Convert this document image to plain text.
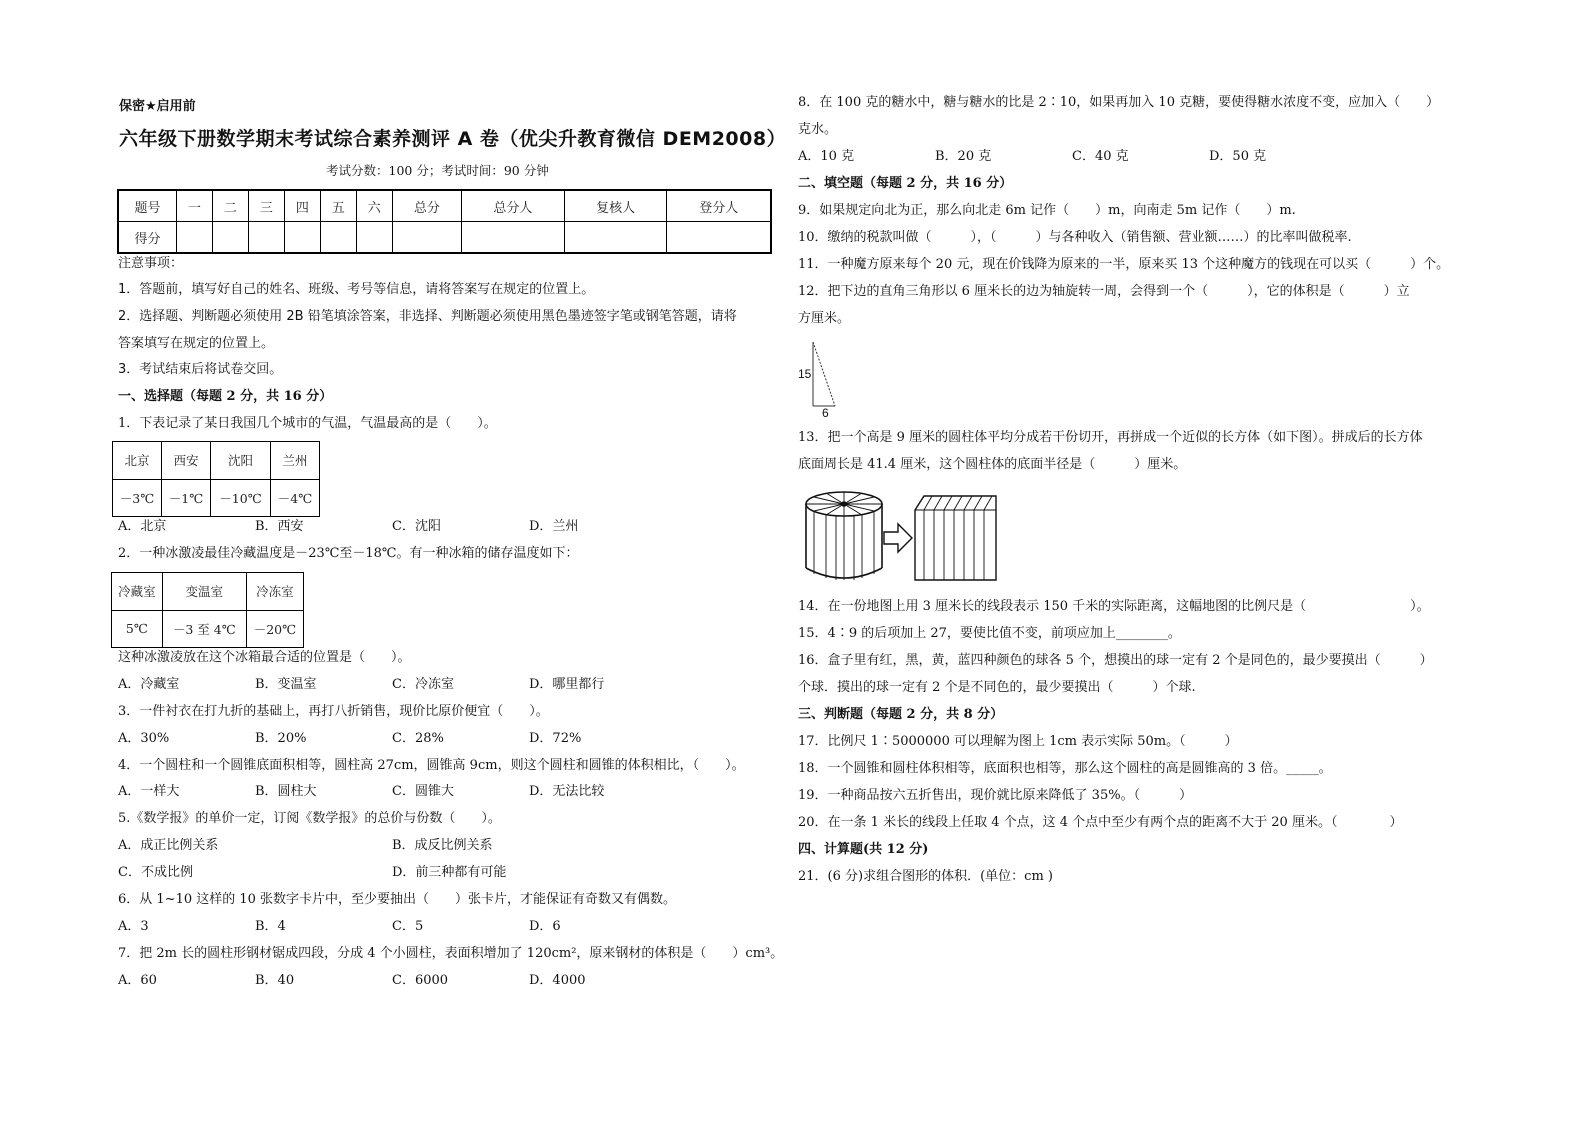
保密★启用前
六年级下册数学期末考试综合素养测评 A 卷（优尖升教育微信 DEM2008）
考试分数：100 分；考试时间：90 分钟
题号	一	二	三	四	五	六	总分	总分人	复核人	登分人
得分										
注意事项：
1．答题前，填写好自己的姓名、班级、考号等信息，请将答案写在规定的位置上。
2．选择题、判断题必须使用 2B 铅笔填涂答案，非选择、判断题必须使用黑色墨迹签字笔或钢笔答题，请将
答案填写在规定的位置上。
3．考试结束后将试卷交回。
一、选择题（每题 2 分，共 16 分）
1．下表记录了某日我国几个城市的气温，气温最高的是（　　）。
北京	西安	沈阳	兰州
－3℃	－1℃	－10℃	－4℃
A．北京	B．西安	C．沈阳	D．兰州
2．一种冰激凌最佳冷藏温度是－23℃至－18℃。有一种冰箱的储存温度如下：
冷藏室	变温室	冷冻室
5℃	－3 至 4℃	－20℃
这种冰激凌放在这个冰箱最合适的位置是（　　）。
A．冷藏室	B．变温室	C．冷冻室	D．哪里都行
3．一件衬衣在打九折的基础上，再打八折销售，现价比原价便宜（　　）。
A．30%	B．20%	C．28%	D．72%
4．一个圆柱和一个圆锥底面积相等，圆柱高 27cm，圆锥高 9cm，则这个圆柱和圆锥的体积相比，（　　）。
A．一样大	B．圆柱大	C．圆锥大	D．无法比较
5.《数学报》的单价一定，订阅《数学报》的总价与份数（　　）。
A．成正比例关系	B．成反比例关系
C．不成比例	D．前三种都有可能
6．从 1~10 这样的 10 张数字卡片中，至少要抽出（　　）张卡片，才能保证有奇数又有偶数。
A．3	B．4	C．5	D．6
7．把 2m 长的圆柱形钢材锯成四段，分成 4 个小圆柱，表面积增加了 120cm²，原来钢材的体积是（　　）cm³。
A．60	B．40	C．6000	D．4000
8．在 100 克的糖水中，糖与糖水的比是 2∶10，如果再加入 10 克糖，要使得糖水浓度不变，应加入（　　）
克水。
A．10 克	B．20 克	C．40 克	D．50 克
二、填空题（每题 2 分，共 16 分）
9．如果规定向北为正，那么向北走 6m 记作（　　）m，向南走 5m 记作（　　）m.
10．缴纳的税款叫做（　　　），（　　　）与各种收入（销售额、营业额……）的比率叫做税率.
11．一种魔方原来每个 20 元，现在价钱降为原来的一半，原来买 13 个这种魔方的钱现在可以买（　　　）个。
12．把下边的直角三角形以 6 厘米长的边为轴旋转一周，会得到一个（　　　），它的体积是（　　　）立
方厘米。
15
6
13．把一个高是 9 厘米的圆柱体平均分成若干份切开，再拼成一个近似的长方体（如下图）。拼成后的长方体
底面周长是 41.4 厘米，这个圆柱体的底面半径是（　　　）厘米。
14．在一份地图上用 3 厘米长的线段表示 150 千米的实际距离，这幅地图的比例尺是（　　　　　　　　）。
15．4∶9 的后项加上 27，要使比值不变，前项应加上________。
16．盒子里有红，黑，黄，蓝四种颜色的球各 5 个，想摸出的球一定有 2 个是同色的，最少要摸出（　　　）
个球．摸出的球一定有 2 个是不同色的，最少要摸出（　　　）个球.
三、判断题（每题 2 分，共 8 分）
17．比例尺 1∶5000000 可以理解为图上 1cm 表示实际 50m。（　　　）
18．一个圆锥和圆柱体积相等，底面积也相等，那么这个圆柱的高是圆锥高的 3 倍。_____。
19．一种商品按六五折售出，现价就比原来降低了 35%。（　　　）
20．在一条 1 米长的线段上任取 4 个点，这 4 个点中至少有两个点的距离不大于 20 厘米。（　　　　）
四、计算题(共 12 分)
21．(6 分)求组合图形的体积．(单位：cm )
